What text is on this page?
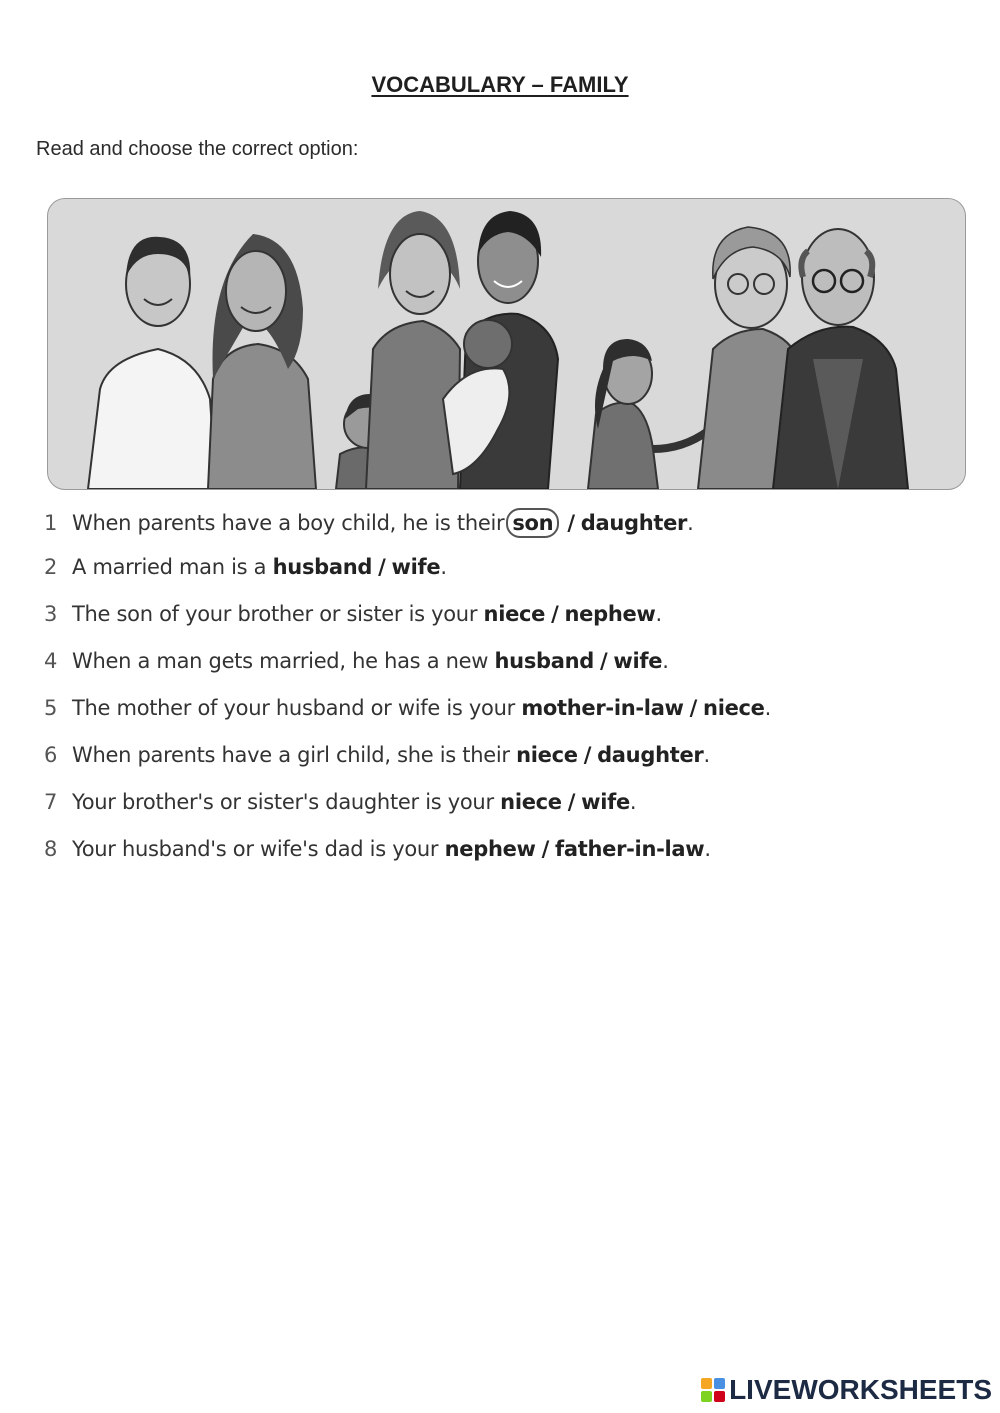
VOCABULARY – FAMILY
Read and choose the correct option:
1 When parents have a boy child, he is their son / daughter .
2 A married man is a
husband / wife .
3 The son of your brother or sister is your
niece / nephew .
4 When a man gets married, he has a new
husband / wife .
5 The mother of your husband or wife is your
mother-in-law / niece .
6 When parents have a girl child, she is their
niece / daughter .
7 Your brother's or sister's daughter is your
niece / wife .
8 Your husband's or wife's dad is your
nephew / father-in-law .
LIVEWORKSHEETS
